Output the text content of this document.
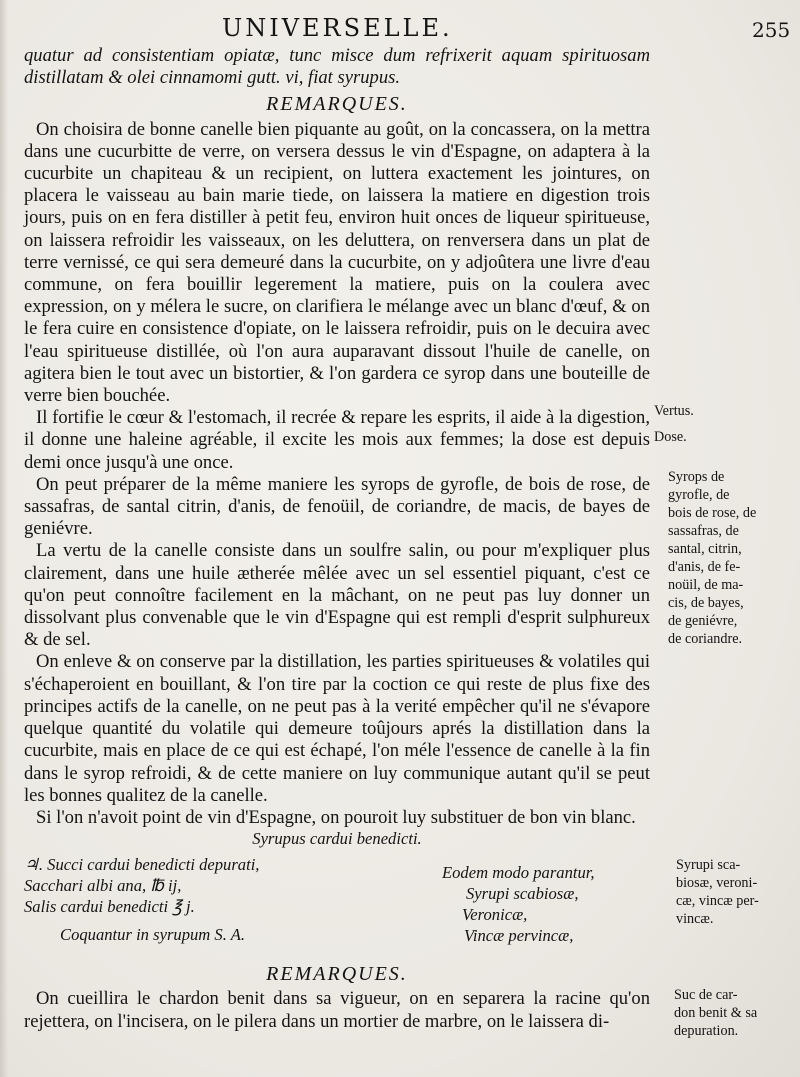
UNIVERSELLE.	255

quatur ad consistentiam opiatæ, tunc misce dum refrixerit aquam spirituosam distillatam & olei cinnamomi gutt. vi, fiat syrupus.

REMARQUES.

On choisira de bonne canelle bien piquante au goût, on la concassera, on la mettra dans une cucurbitte de verre, on versera dessus le vin d'Espagne, on adaptera à la cucurbite un chapiteau & un recipient, on luttera exactement les jointures, on placera le vaisseau au bain marie tiede, on laissera la matiere en digestion trois jours, puis on en fera distiller à petit feu, environ huit onces de liqueur spiritueuse, on laissera refroidir les vaisseaux, on les deluttera, on renversera dans un plat de terre vernissé, ce qui sera demeuré dans la cucurbite, on y adjoûtera une livre d'eau commune, on fera bouillir legerement la matiere, puis on la coulera avec expression, on y mélera le sucre, on clarifiera le mélange avec un blanc d'œuf, & on le fera cuire en consistence d'opiate, on le laissera refroidir, puis on le decuira avec l'eau spiritueuse distillée, où l'on aura auparavant dissout l'huile de canelle, on agitera bien le tout avec un bistortier, & l'on gardera ce syrop dans une bouteille de verre bien bouchée.

Il fortifie le cœur & l'estomach, il recrée & repare les esprits, il aide à la digestion, il donne une haleine agréable, il excite les mois aux femmes; la dose est depuis demi once jusqu'à une once.

On peut préparer de la même maniere les syrops de gyrofle, de bois de rose, de sassafras, de santal citrin, d'anis, de fenoüil, de coriandre, de macis, de bayes de geniévre.

La vertu de la canelle consiste dans un soulfre salin, ou pour m'expliquer plus clairement, dans une huile ætherée mêlée avec un sel essentiel piquant, c'est ce qu'on peut connoître facilement en la mâchant, on ne peut pas luy donner un dissolvant plus convenable que le vin d'Espagne qui est rempli d'esprit sulphureux & de sel.

On enleve & on conserve par la distillation, les parties spiritueuses & volatiles qui s'échaperoient en bouillant, & l'on tire par la coction ce qui reste de plus fixe des principes actifs de la canelle, on ne peut pas à la verité empêcher qu'il ne s'évapore quelque quantité du volatile qui demeure toûjours aprés la distillation dans la cucurbite, mais en place de ce qui est échapé, l'on méle l'essence de canelle à la fin dans le syrop refroidi, & de cette maniere on luy communique autant qu'il se peut les bonnes qualitez de la canelle.

Si l'on n'avoit point de vin d'Espagne, on pouroit luy substituer de bon vin blanc.

Syrupus cardui benedicti.
♃. Succi cardui benedicti depurati,
Sacchari albi ana, ℔ ij,
Salis cardui benedicti ℥ j.
Eodem modo parantur,
Syrupi scabiosæ,
Veronicæ,
Vincæ pervincæ,
Coquantur in syrupum S. A.

REMARQUES.

On cueillira le chardon benit dans sa vigueur, on en separera la racine qu'on rejettera, on l'incisera, on le pilera dans un mortier de marbre, on le laissera di-

Vertus.
Dose.
Syrops de
gyrofle, de
bois de rose, de
sassafras, de
santal, citrin,
d'anis, de fe-
noüil, de ma-
cis, de bayes,
de geniévre,
de coriandre.
Syrupi sca-
biosæ, veroni-
cæ, vincæ per-
vincæ.
Suc de car-
don benit & sa
depuration.
